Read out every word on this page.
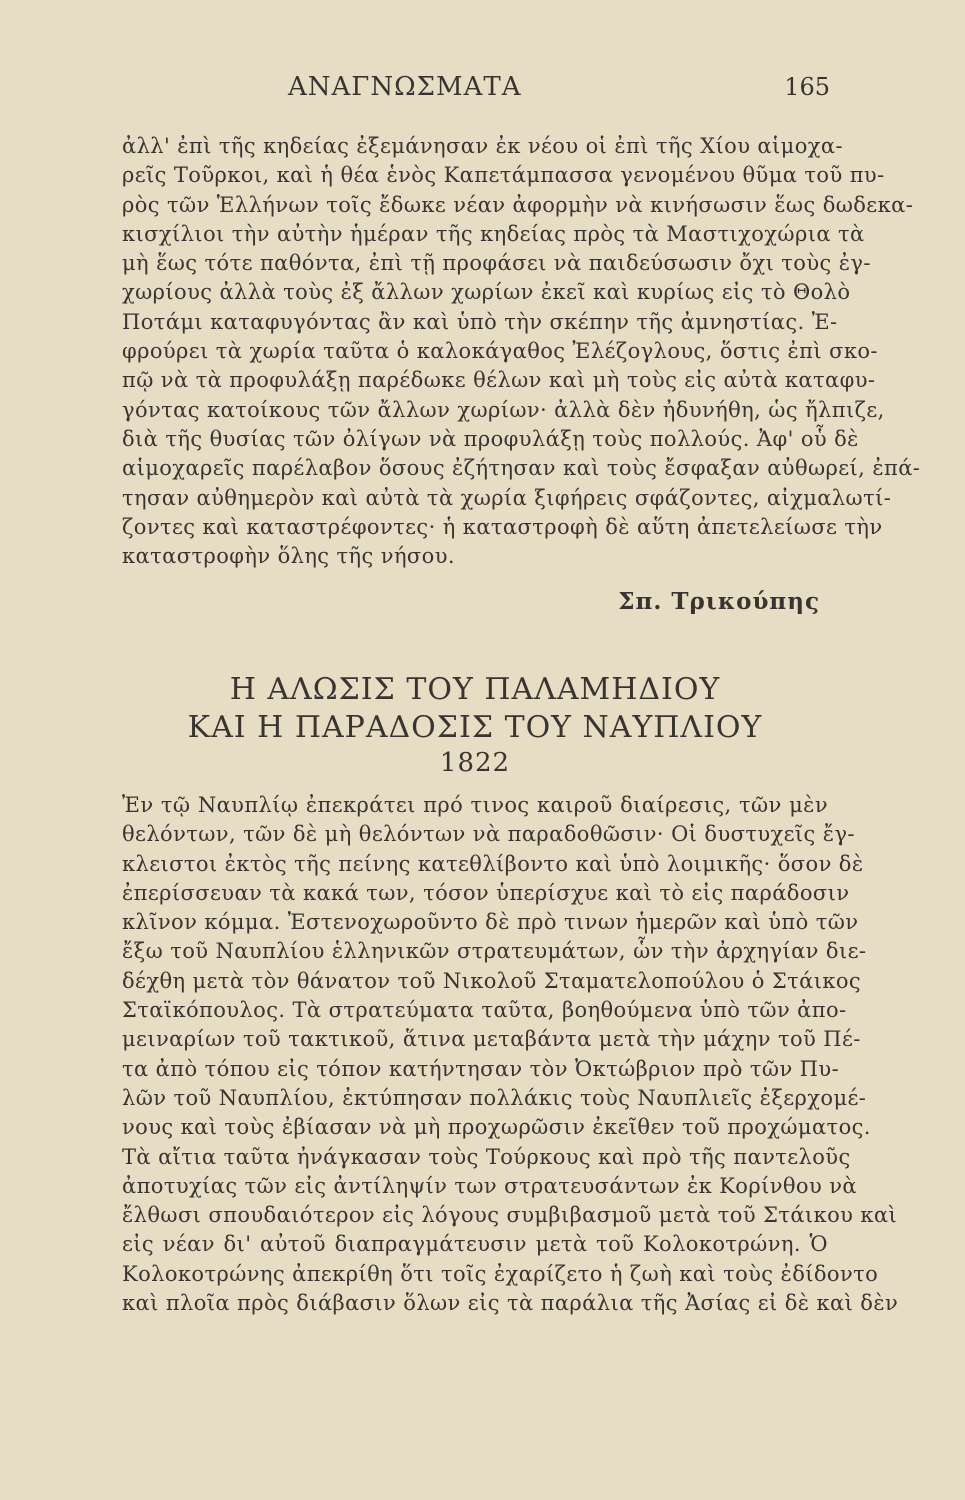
ΑΝΑΓΝΩΣΜΑΤΑ	165
ἀλλ' ἐπὶ τῆς κηδείας ἐξεμάνησαν ἐκ νέου οἱ ἐπὶ τῆς Χίου αἱμοχα-
ρεῖς Τοῦρκοι, καὶ ἡ θέα ἑνὸς Καπετάμπασσα γενομένου θῦμα τοῦ πυ-
ρὸς τῶν Ἑλλήνων τοῖς ἔδωκε νέαν ἀφορμὴν νὰ κινήσωσιν ἕως δωδεκα-
κισχίλιοι τὴν αὐτὴν ἡμέραν τῆς κηδείας πρὸς τὰ Μαστιχοχώρια τὰ
μὴ ἕως τότε παθόντα, ἐπὶ τῇ προφάσει νὰ παιδεύσωσιν ὄχι τοὺς ἐγ-
χωρίους ἀλλὰ τοὺς ἐξ ἄλλων χωρίων ἐκεῖ καὶ κυρίως εἰς τὸ Θολὸ
Ποτάμι καταφυγόντας ἂν καὶ ὑπὸ τὴν σκέπην τῆς ἀμνηστίας. Ἐ-
φρούρει τὰ χωρία ταῦτα ὁ καλοκάγαθος Ἐλέζογλους, ὅστις ἐπὶ σκο-
πῷ νὰ τὰ προφυλάξῃ παρέδωκε θέλων καὶ μὴ τοὺς εἰς αὐτὰ καταφυ-
γόντας κατοίκους τῶν ἄλλων χωρίων· ἀλλὰ δὲν ἠδυνήθη, ὡς ἤλπιζε,
διὰ τῆς θυσίας τῶν ὀλίγων νὰ προφυλάξῃ τοὺς πολλούς. Ἀφ' οὗ δὲ
αἱμοχαρεῖς παρέλαβον ὅσους ἐζήτησαν καὶ τοὺς ἔσφαξαν αὐθωρεί, ἐπά-
τησαν αὐθημερὸν καὶ αὐτὰ τὰ χωρία ξιφήρεις σφάζοντες, αἰχμαλωτί-
ζοντες καὶ καταστρέφοντες· ἡ καταστροφὴ δὲ αὕτη ἀπετελείωσε τὴν
καταστροφὴν ὅλης τῆς νήσου.
Σπ. Τρικούπης
Η ΑΛΩΣΙΣ ΤΟΥ ΠΑΛΑΜΗΔΙΟΥ
ΚΑΙ Η ΠΑΡΑΔΟΣΙΣ ΤΟΥ ΝΑΥΠΛΙΟΥ
1822
Ἐν τῷ Ναυπλίῳ ἐπεκράτει πρό τινος καιροῦ διαίρεσις, τῶν μὲν
θελόντων, τῶν δὲ μὴ θελόντων νὰ παραδοθῶσιν· Οἱ δυστυχεῖς ἔγ-
κλειστοι ἐκτὸς τῆς πείνης κατεθλίβοντο καὶ ὑπὸ λοιμικῆς· ὅσον δὲ
ἐπερίσσευαν τὰ κακά των, τόσον ὑπερίσχυε καὶ τὸ εἰς παράδοσιν
κλῖνον κόμμα. Ἐστενοχωροῦντο δὲ πρὸ τινων ἡμερῶν καὶ ὑπὸ τῶν
ἔξω τοῦ Ναυπλίου ἑλληνικῶν στρατευμάτων, ὧν τὴν ἀρχηγίαν διε-
δέχθη μετὰ τὸν θάνατον τοῦ Νικολοῦ Σταματελοπούλου ὁ Στάικος
Σταϊκόπουλος. Τὰ στρατεύματα ταῦτα, βοηθούμενα ὑπὸ τῶν ἀπο-
μειναρίων τοῦ τακτικοῦ, ἅτινα μεταβάντα μετὰ τὴν μάχην τοῦ Πέ-
τα ἀπὸ τόπου εἰς τόπον κατήντησαν τὸν Ὀκτώβριον πρὸ τῶν Πυ-
λῶν τοῦ Ναυπλίου, ἐκτύπησαν πολλάκις τοὺς Ναυπλιεῖς ἐξερχομέ-
νους καὶ τοὺς ἐβίασαν νὰ μὴ προχωρῶσιν ἐκεῖθεν τοῦ προχώματος.
Τὰ αἴτια ταῦτα ἠνάγκασαν τοὺς Τούρκους καὶ πρὸ τῆς παντελοῦς
ἀποτυχίας τῶν εἰς ἀντίληψίν των στρατευσάντων ἐκ Κορίνθου νὰ
ἔλθωσι σπουδαιότερον εἰς λόγους συμβιβασμοῦ μετὰ τοῦ Στάικου καὶ
εἰς νέαν δι' αὐτοῦ διαπραγμάτευσιν μετὰ τοῦ Κολοκοτρώνη. Ὁ
Κολοκοτρώνης ἀπεκρίθη ὅτι τοῖς ἐχαρίζετο ἡ ζωὴ καὶ τοὺς ἐδίδοντο
καὶ πλοῖα πρὸς διάβασιν ὅλων εἰς τὰ παράλια τῆς Ἀσίας εἰ δὲ καὶ δὲν
